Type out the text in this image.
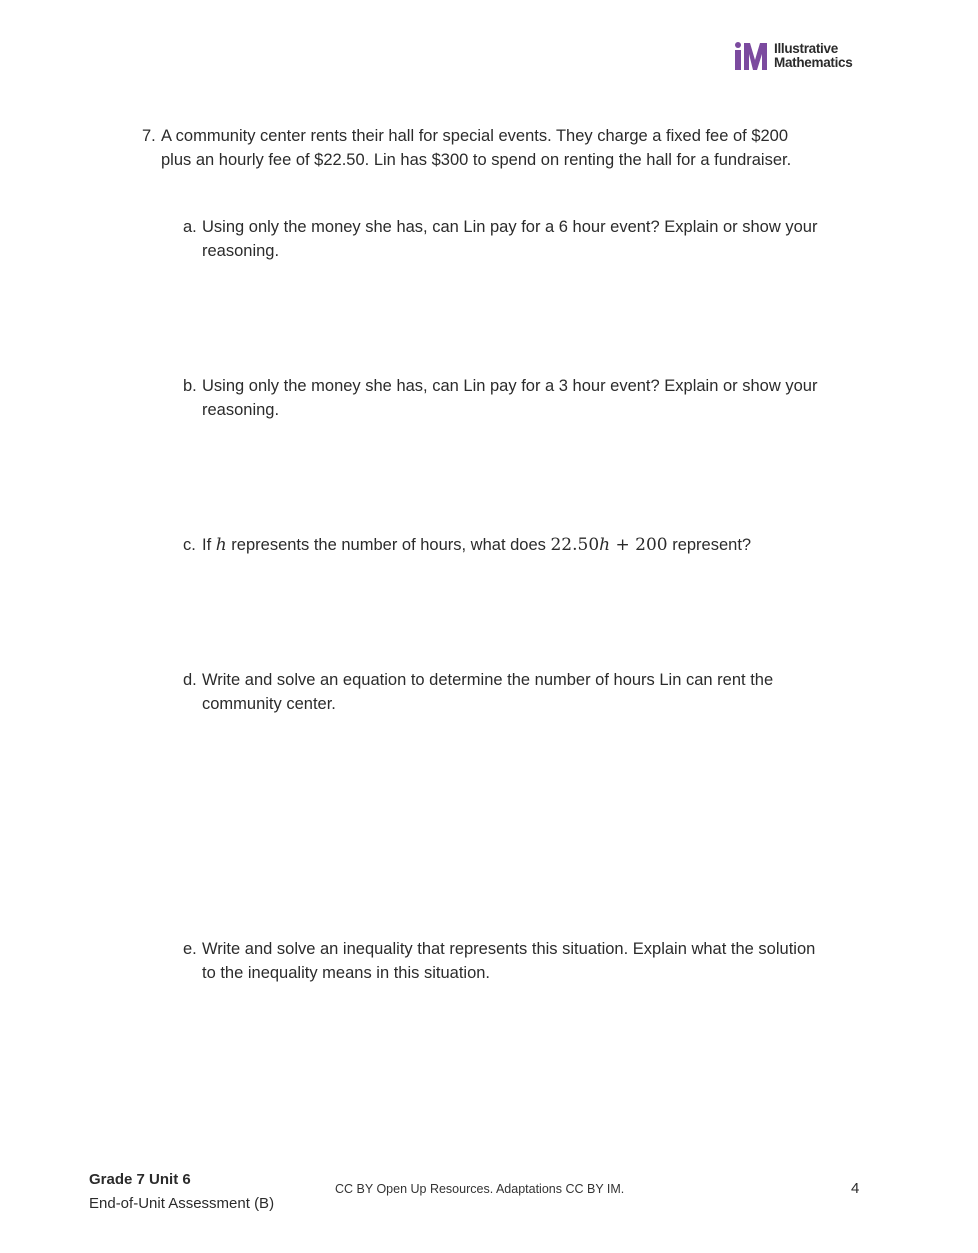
Illustrative
Mathematics
7. A community center rents their hall for special events. They charge a fixed fee of $200 plus an hourly fee of $22.50. Lin has $300 to spend on renting the hall for a fundraiser.
a. Using only the money she has, can Lin pay for a 6 hour event? Explain or show your reasoning.
b. Using only the money she has, can Lin pay for a 3 hour event? Explain or show your reasoning.
c. If h represents the number of hours, what does 22.50h + 200 represent?
d. Write and solve an equation to determine the number of hours Lin can rent the community center.
e. Write and solve an inequality that represents this situation. Explain what the solution to the inequality means in this situation.
Grade 7 Unit 6
End-of-Unit Assessment (B)
CC BY Open Up Resources. Adaptations CC BY IM.	4
